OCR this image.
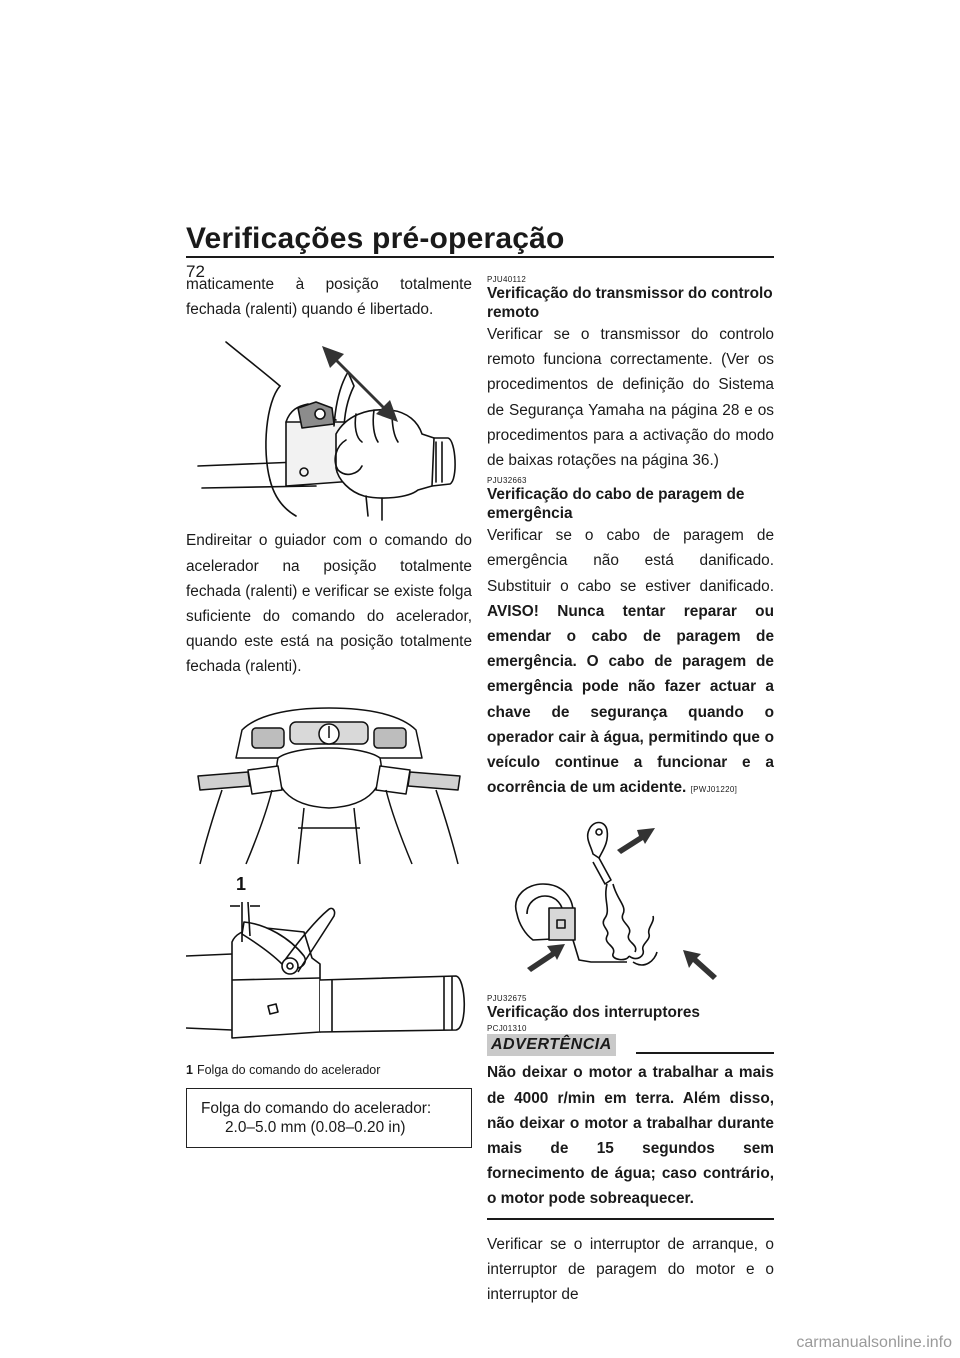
Verificações pré-operação
72

maticamente à posição totalmente fechada (ralenti) quando é libertado.

Endireitar o guiador com o comando do acelerador na posição totalmente fechada (ralenti) e verificar se existe folga suficiente do comando do acelerador, quando este está na posição totalmente fechada (ralenti).

1

1 Folga do comando do acelerador

Folga do comando do acelerador:
2.0–5.0 mm (0.08–0.20 in)

PJU40112

Verificação do transmissor do controlo remoto

Verificar se o transmissor do controlo remoto funciona correctamente. (Ver os procedimentos de definição do Sistema de Segurança Yamaha na página 28 e os procedimentos para a activação do modo de baixas rotações na página 36.)

PJU32663

Verificação do cabo de paragem de emergência

Verificar se o cabo de paragem de emergência não está danificado. Substituir o cabo se estiver danificado. AVISO! Nunca tentar reparar ou emendar o cabo de paragem de emergência. O cabo de paragem de emergência pode não fazer actuar a chave de segurança quando o operador cair à água, permitindo que o veículo continue a funcionar e a ocorrência de um acidente. [PWJ01220]

PJU32675

Verificação dos interruptores

PCJ01310

ADVERTÊNCIA

Não deixar o motor a trabalhar a mais de 4000 r/min em terra. Além disso, não deixar o motor a trabalhar durante mais de 15 segundos sem fornecimento de água; caso contrário, o motor pode sobreaquecer.

Verificar se o interruptor de arranque, o interruptor de paragem do motor e o interruptor de

carmanualsonline.info
